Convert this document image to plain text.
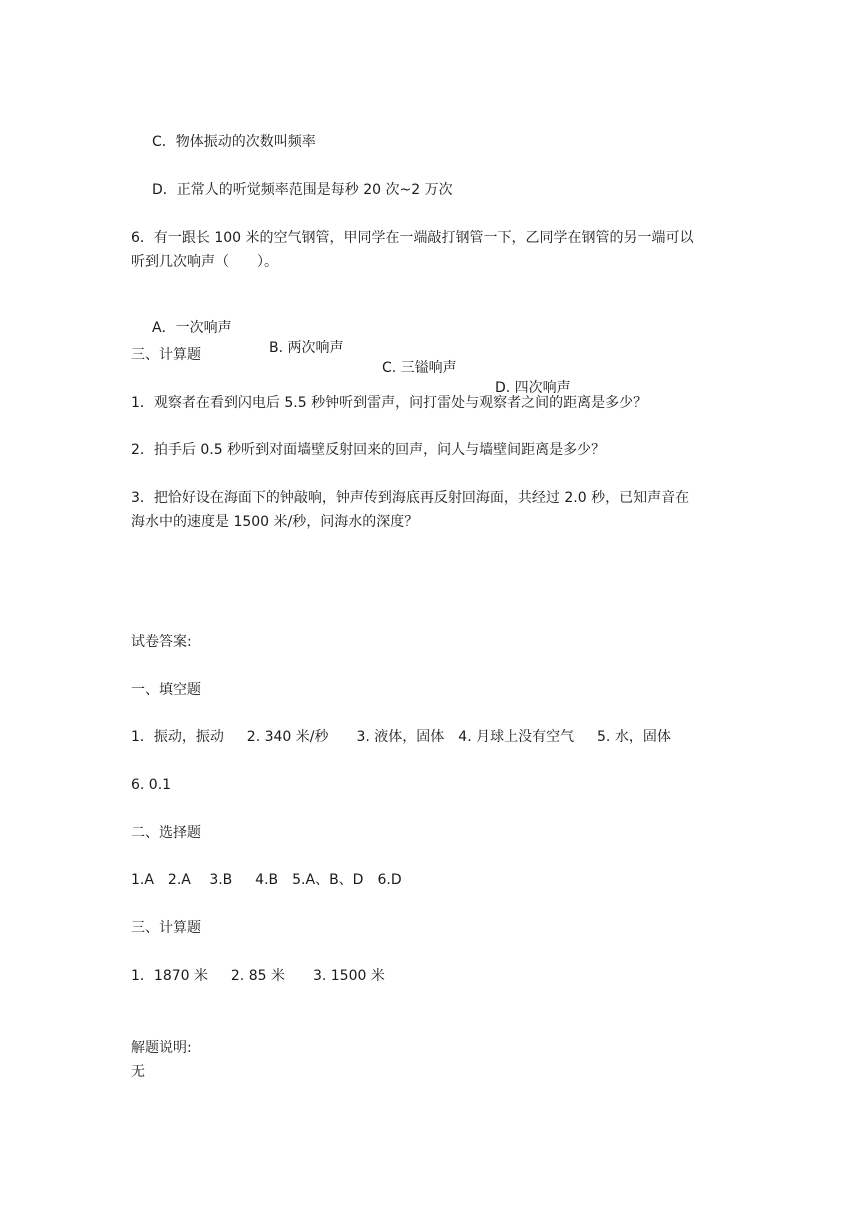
C．物体振动的次数叫频率
D．正常人的听觉频率范围是每秒 20 次~2 万次
6．有一跟长 100 米的空气钢管，甲同学在一端敲打钢管一下，乙同学在钢管的另一端可以
听到几次响声（　　）。

A．一次响声

B. 两次响声

C. 三镒响声

D. 四次响声

三、计算题
1．观察者在看到闪电后 5.5 秒钟听到雷声，问打雷处与观察者之间的距离是多少？
2．拍手后 0.5 秒听到对面墙壁反射回来的回声，问人与墙壁间距离是多少？
3．把恰好设在海面下的钟敲响，钟声传到海底再反射回海面，共经过 2.0 秒，已知声音在
海水中的速度是 1500 米/秒，问海水的深度？
试卷答案:
一、填空题
1．振动，振动　  2. 340 米/秒　　3. 液体，固体　4. 月球上没有空气　  5. 水，固体
6. 0.1
二、选择题
1.A　2.A　 3.B　  4.B　5.A、B、D　6.D
三、计算题
1．1870 米　  2. 85 米　　3. 1500 米
解题说明:
无
